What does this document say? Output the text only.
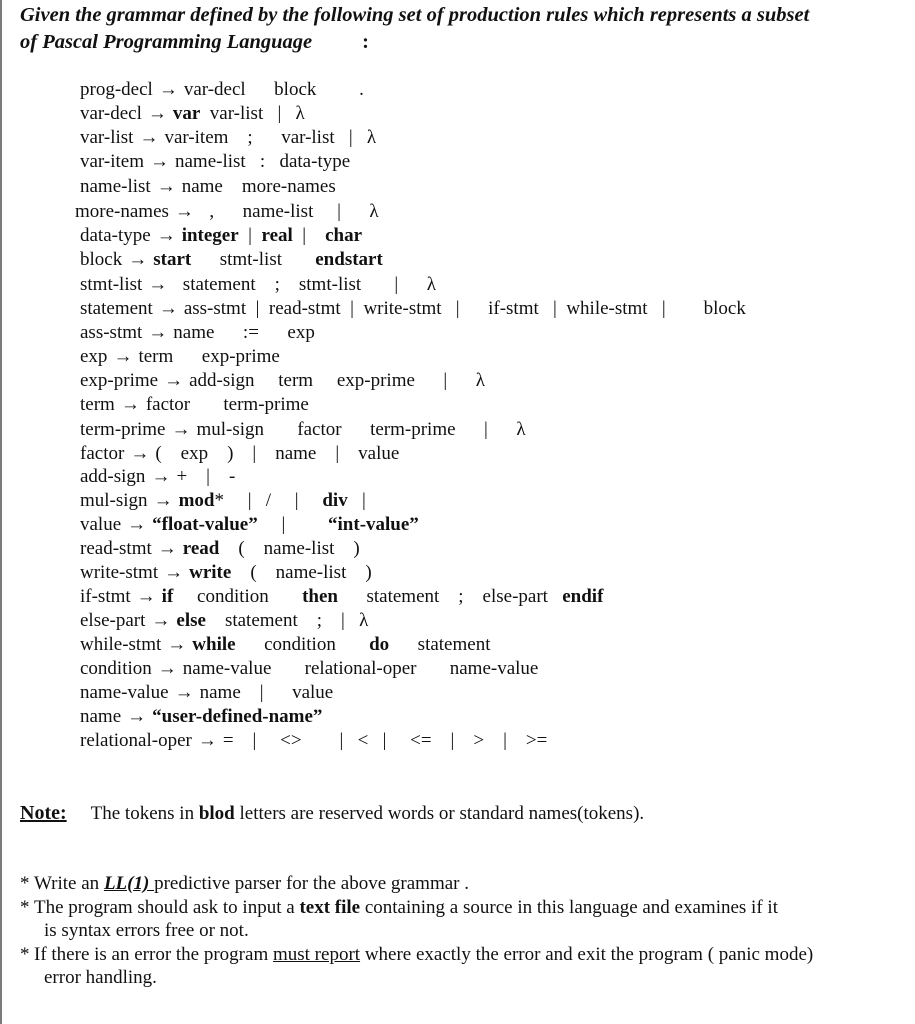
Given the grammar defined by the following set of production rules which represents a subset
of Pascal Programming Language :
prog-decl → var-decl      block         .
var-decl → var  var-list   |   λ
var-list → var-item    ;      var-list   |   λ
var-item → name-list   :   data-type
name-list → name    more-names
more-names →  ,      name-list     |      λ
data-type → integer  |  real  |    char
block → start      stmt-list       endstart
stmt-list →  statement    ;    stmt-list       |      λ
statement → ass-stmt  |  read-stmt  |  write-stmt   |      if-stmt   |  while-stmt   |        block
ass-stmt → name      :=      exp
exp → term      exp-prime
exp-prime → add-sign     term     exp-prime      |      λ
term → factor       term-prime
term-prime → mul-sign       factor      term-prime      |      λ
factor → (    exp    )    |    name    |    value
add-sign → +    |    -
mul-sign → mod*     |   /     |     div   |
value → “float-value”     |         “int-value”
read-stmt → read    (    name-list    )
write-stmt → write    (    name-list    )
if-stmt → if     condition       then      statement    ;    else-part   endif
else-part → else    statement    ;    |   λ
while-stmt → while      condition       do      statement
condition → name-value       relational-oper       name-value
name-value → name    |      value
name → “user-defined-name”
relational-oper → =    |     <>        |   <   |     <=    |    >    |    >=
Note: The tokens in blod letters are reserved words or standard names(tokens).
* Write an LL(1) predictive parser for the above grammar .
* The program should ask to input a text file containing a source in this language and examines if it
is syntax errors free or not.
* If there is an error the program must report where exactly the error and exit the program ( panic mode)
error handling.
